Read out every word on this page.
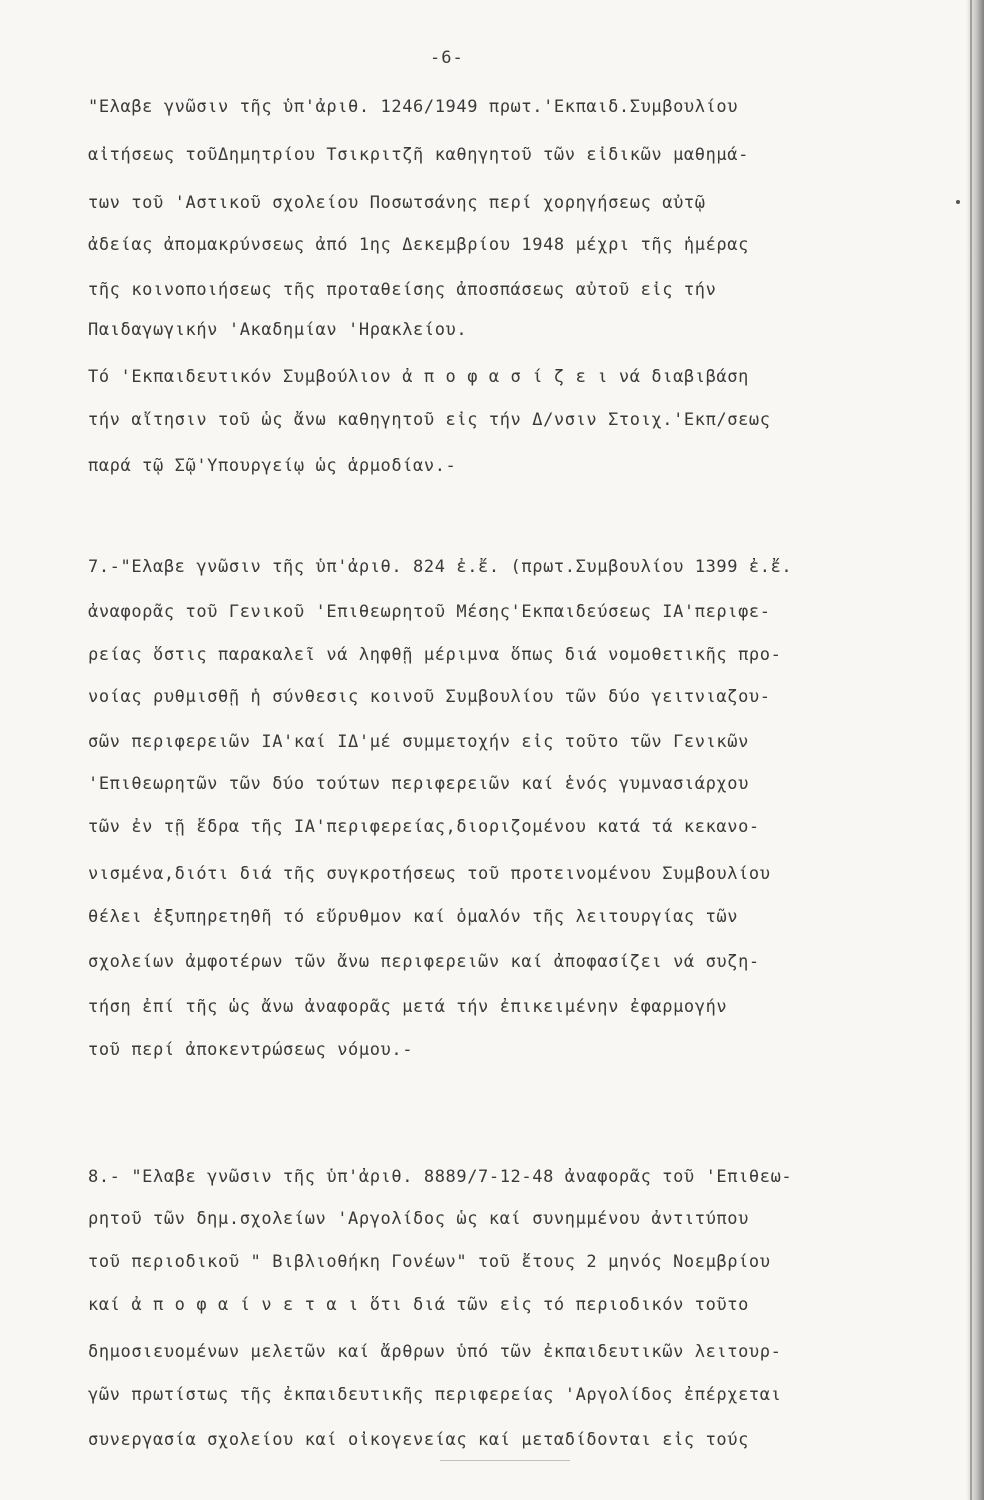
-6-
"Ελαβε γνῶσιν τῆς ὑπ'ἀριθ. 1246/1949 πρωτ.'Εκπαιδ.Συμβουλίου
αἰτήσεως τοῦΔημητρίου Τσικριτζῆ καθηγητοῦ τῶν εἰδικῶν μαθημά-
των τοῦ 'Αστικοῦ σχολείου Ποσωτσάνης περί χορηγήσεως αὐτῷ
ἀδείας ἀπομακρύνσεως ἀπό 1ης Δεκεμβρίου 1948 μέχρι τῆς ἡμέρας
τῆς κοινοποιήσεως τῆς προταθείσης ἀποσπάσεως αὐτοῦ εἰς τήν
Παιδαγωγικήν 'Ακαδημίαν 'Ηρακλείου.
Τό 'Εκπαιδευτικόν Συμβούλιον ἀ π ο φ α σ ί ζ ε ι νά διαβιβάση
τήν αἴτησιν τοῦ ὡς ἄνω καθηγητοῦ εἰς τήν Δ/νσιν Στοιχ.'Εκπ/σεως
παρά τῷ Σῷ'Υπουργείῳ ὡς ἁρμοδίαν.-
7.-"Ελαβε γνῶσιν τῆς ὑπ'ἀριθ. 824 ἐ.ἔ. (πρωτ.Συμβουλίου 1399 ἐ.ἔ.
ἀναφορᾶς τοῦ Γενικοῦ 'Επιθεωρητοῦ Μέσης'Εκπαιδεύσεως ΙΑ'περιφε-
ρείας ὅστις παρακαλεῖ νά ληφθῇ μέριμνα ὅπως διά νομοθετικῆς προ-
νοίας ρυθμισθῇ ἡ σύνθεσις κοινοῦ Συμβουλίου τῶν δύο γειτνιαζου-
σῶν περιφερειῶν ΙΑ'καί ΙΔ'μέ συμμετοχήν εἰς τοῦτο τῶν Γενικῶν
'Επιθεωρητῶν τῶν δύο τούτων περιφερειῶν καί ἑνός γυμνασιάρχου
τῶν ἐν τῇ ἕδρα τῆς ΙΑ'περιφερείας,διοριζομένου κατά τά κεκανο-
νισμένα,διότι διά τῆς συγκροτήσεως τοῦ προτεινομένου Συμβουλίου
θέλει ἐξυπηρετηθῆ τό εὔρυθμον καί ὁμαλόν τῆς λειτουργίας τῶν
σχολείων ἀμφοτέρων τῶν ἄνω περιφερειῶν καί ἀποφασίζει νά συζη-
τήση ἐπί τῆς ὡς ἄνω ἀναφορᾶς μετά τήν ἐπικειμένην ἐφαρμογήν
τοῦ περί ἀποκεντρώσεως νόμου.-
8.- "Ελαβε γνῶσιν τῆς ὑπ'ἀριθ. 8889/7-12-48 ἀναφορᾶς τοῦ 'Επιθεω-
ρητοῦ τῶν δημ.σχολείων 'Αργολίδος ὡς καί συνημμένου ἀντιτύπου
τοῦ περιοδικοῦ " Βιβλιοθήκη Γονέων" τοῦ ἔτους 2 μηνός Νοεμβρίου
καί ἀ π ο φ α ί ν ε τ α ι ὅτι διά τῶν εἰς τό περιοδικόν τοῦτο
δημοσιευομένων μελετῶν καί ἄρθρων ὑπό τῶν ἐκπαιδευτικῶν λειτουρ-
γῶν πρωτίστως τῆς ἐκπαιδευτικῆς περιφερείας 'Αργολίδος ἐπέρχεται
συνεργασία σχολείου καί οἰκογενείας καί μεταδίδονται εἰς τούς
